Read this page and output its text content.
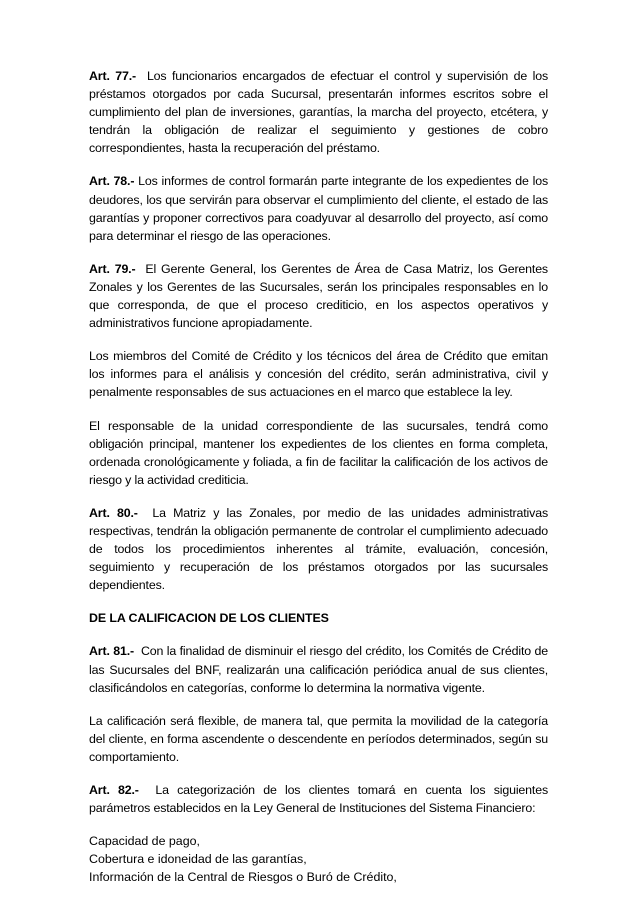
Art. 77.- Los funcionarios encargados de efectuar el control y supervisión de los préstamos otorgados por cada Sucursal, presentarán informes escritos sobre el cumplimiento del plan de inversiones, garantías, la marcha del proyecto, etcétera, y tendrán la obligación de realizar el seguimiento y gestiones de cobro correspondientes, hasta la recuperación del préstamo.

Art. 78.- Los informes de control formarán parte integrante de los expedientes de los deudores, los que servirán para observar el cumplimiento del cliente, el estado de las garantías y proponer correctivos para coadyuvar al desarrollo del proyecto, así como para determinar el riesgo de las operaciones.

Art. 79.- El Gerente General, los Gerentes de Área de Casa Matriz, los Gerentes Zonales y los Gerentes de las Sucursales, serán los principales responsables en lo que corresponda, de que el proceso crediticio, en los aspectos operativos y administrativos funcione apropiadamente.

Los miembros del Comité de Crédito y los técnicos del área de Crédito que emitan los informes para el análisis y concesión del crédito, serán administrativa, civil y penalmente responsables de sus actuaciones en el marco que establece la ley.

El responsable de la unidad correspondiente de las sucursales, tendrá como obligación principal, mantener los expedientes de los clientes en forma completa, ordenada cronológicamente y foliada, a fin de facilitar la calificación de los activos de riesgo y la actividad crediticia.

Art. 80.- La Matriz y las Zonales, por medio de las unidades administrativas respectivas, tendrán la obligación permanente de controlar el cumplimiento adecuado de todos los procedimientos inherentes al trámite, evaluación, concesión, seguimiento y recuperación de los préstamos otorgados por las sucursales dependientes.

DE LA CALIFICACION DE LOS CLIENTES

Art. 81.- Con la finalidad de disminuir el riesgo del crédito, los Comités de Crédito de las Sucursales del BNF, realizarán una calificación periódica anual de sus clientes, clasificándolos en categorías, conforme lo determina la normativa vigente.

La calificación será flexible, de manera tal, que permita la movilidad de la categoría del cliente, en forma ascendente o descendente en períodos determinados, según su comportamiento.

Art. 82.- La categorización de los clientes tomará en cuenta los siguientes parámetros establecidos en la Ley General de Instituciones del Sistema Financiero:

Capacidad de pago,
Cobertura e idoneidad de las garantías,
Información de la Central de Riesgos o Buró de Crédito,
